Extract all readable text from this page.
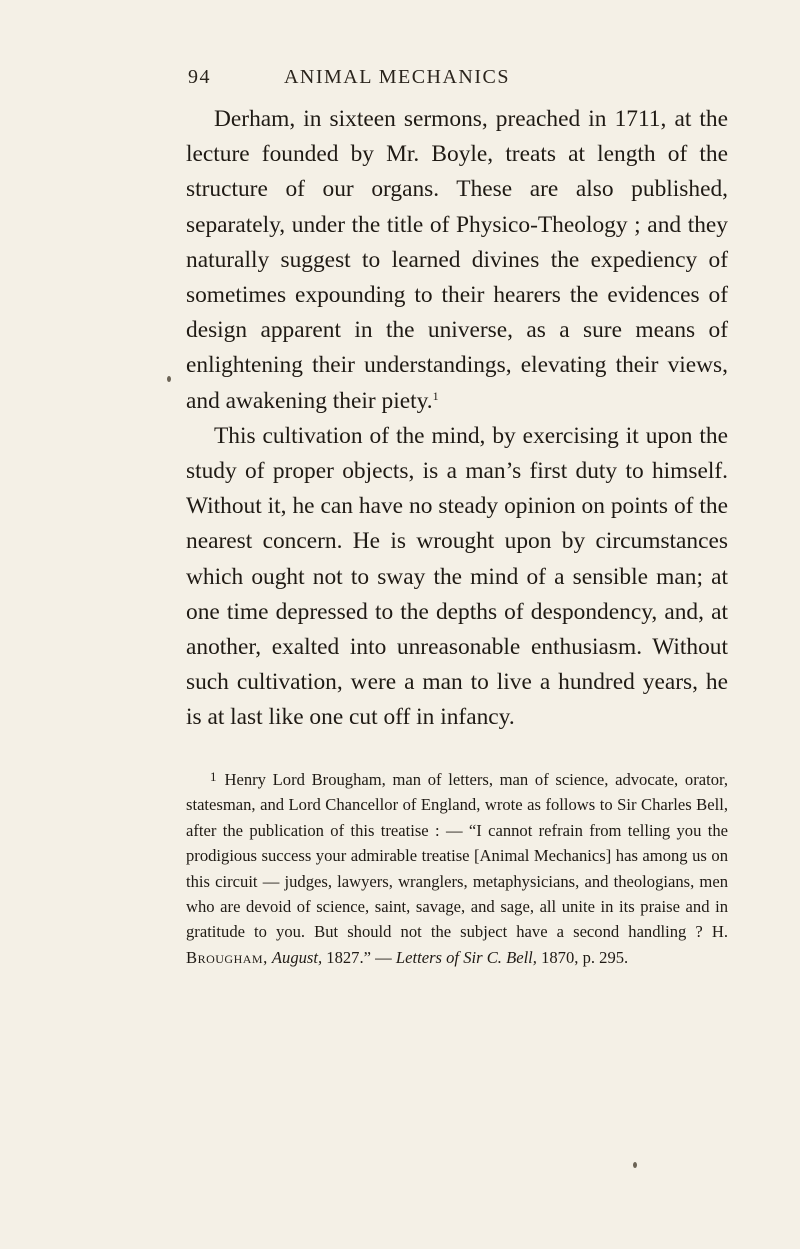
94	ANIMAL MECHANICS

Derham, in sixteen sermons, preached in 1711, at the lecture founded by Mr. Boyle, treats at length of the structure of our organs. These are also published, separately, under the title of Physico-Theology ; and they naturally suggest to learned divines the expediency of sometimes expounding to their hearers the evidences of design apparent in the universe, as a sure means of enlightening their understandings, elevating their views, and awakening their piety.$^1$

This cultivation of the mind, by exercising it upon the study of proper objects, is a man’s first duty to himself. Without it, he can have no steady opinion on points of the nearest concern. He is wrought upon by circumstances which ought not to sway the mind of a sensible man; at one time depressed to the depths of despondency, and, at another, exalted into unreasonable enthusiasm. Without such cultivation, were a man to live a hundred years, he is at last like one cut off in infancy.

$^1$ Henry Lord Brougham, man of letters, man of science, advocate, orator, statesman, and Lord Chancellor of England, wrote as follows to Sir Charles Bell, after the publication of this treatise : — “I cannot refrain from telling you the prodigious success your admirable treatise [Animal Mechanics] has among us on this circuit — judges, lawyers, wranglers, metaphysicians, and theologians, men who are devoid of science, saint, savage, and sage, all unite in its praise and in gratitude to you. But should not the subject have a second handling ? H. Brougham, August, 1827.” — Letters of Sir C. Bell, 1870, p. 295.
